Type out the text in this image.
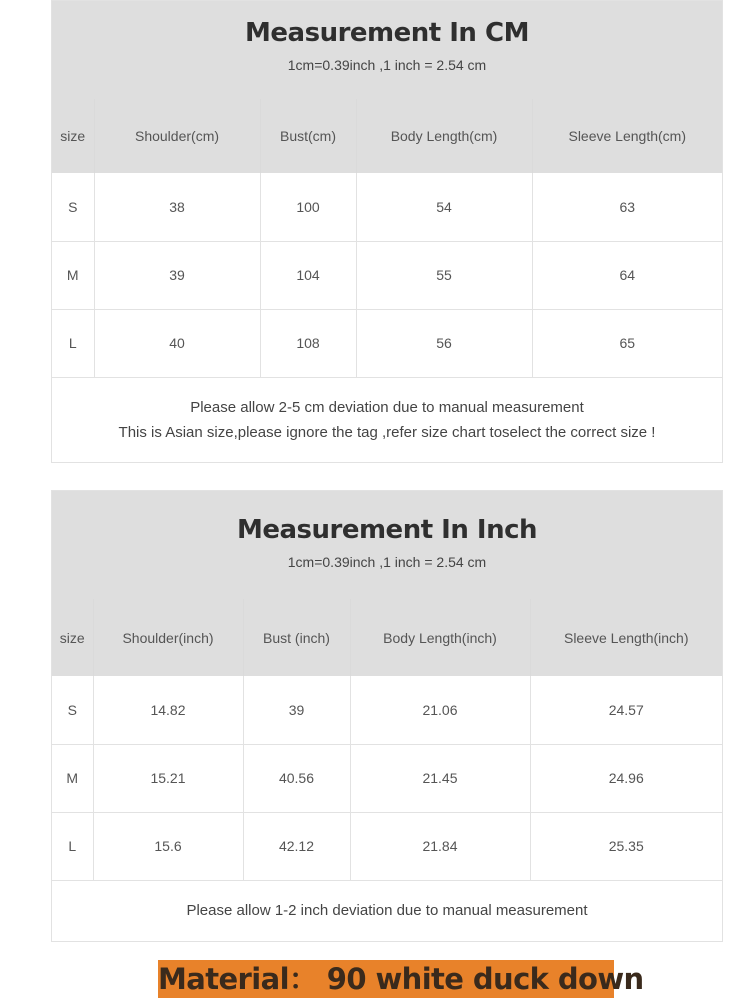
Measurement In CM
1cm=0.39inch ,1 inch = 2.54 cm
size	Shoulder(cm)	Bust(cm)	Body Length(cm)	Sleeve Length(cm)
S	38	100	54	63
M	39	104	55	64
L	40	108	56	65
Please allow 2-5 cm deviation due to manual measurement
This is Asian size,please ignore the tag ,refer size chart toselect the correct size !
Measurement In Inch
1cm=0.39inch ,1 inch = 2.54 cm
size	Shoulder(inch)	Bust (inch)	Body Length(inch)	Sleeve Length(inch)
S	14.82	39	21.06	24.57
M	15.21	40.56	21.45	24.96
L	15.6	42.12	21.84	25.35
Please allow 1-2 inch deviation due to manual measurement
Material： 90 white duck down
